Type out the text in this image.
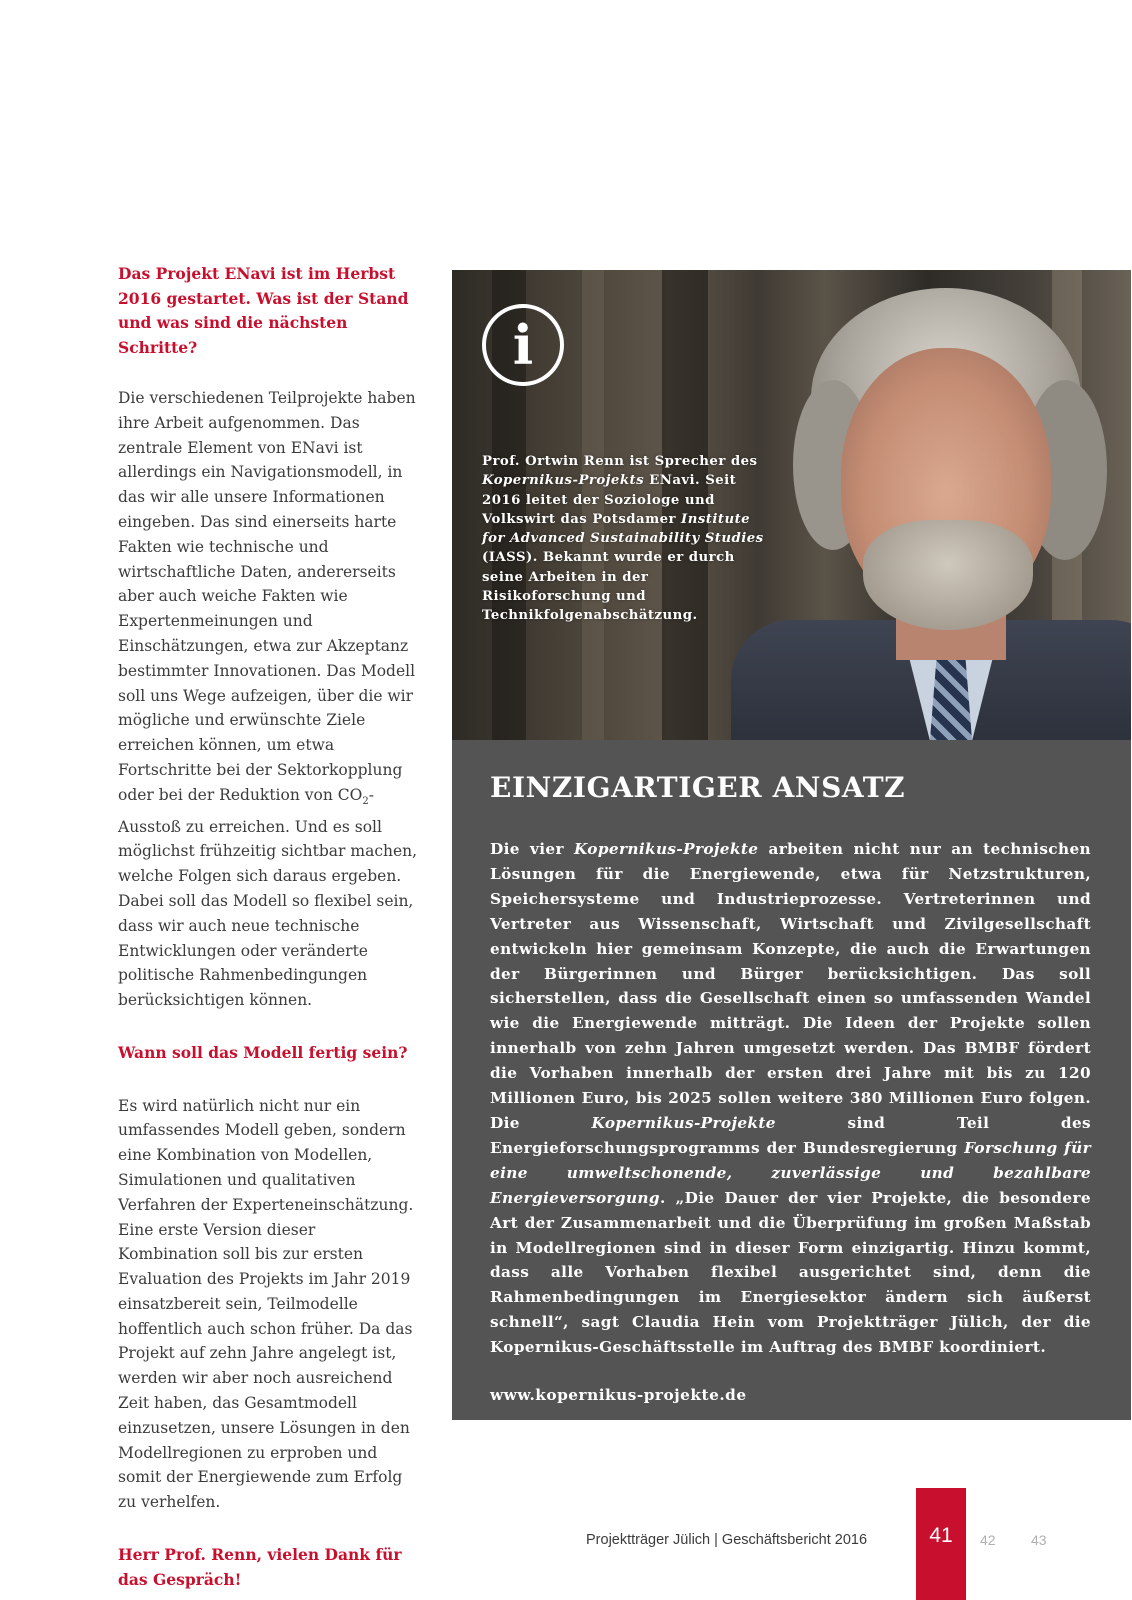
Das Projekt ENavi ist im Herbst 2016 gestartet. Was ist der Stand und was sind die nächsten Schritte?

Die verschiedenen Teilprojekte haben ihre Arbeit aufgenommen. Das zentrale Element von ENavi ist allerdings ein Navigationsmodell, in das wir alle unsere Informationen eingeben. Das sind einerseits harte Fakten wie technische und wirtschaftliche Daten, andererseits aber auch weiche Fakten wie Expertenmeinungen und Einschätzungen, etwa zur Akzeptanz bestimmter Innovationen. Das Modell soll uns Wege aufzeigen, über die wir mögliche und erwünschte Ziele erreichen können, um etwa Fortschritte bei der Sektorkopplung oder bei der Reduktion von $CO_2$-Ausstoß zu erreichen. Und es soll möglichst frühzeitig sichtbar machen, welche Folgen sich daraus ergeben. Dabei soll das Modell so flexibel sein, dass wir auch neue technische Entwicklungen oder veränderte politische Rahmenbedingungen berücksichtigen können.

Wann soll das Modell fertig sein?

Es wird natürlich nicht nur ein umfassendes Modell geben, sondern eine Kombination von Modellen, Simulationen und qualitativen Verfahren der Experteneinschätzung. Eine erste Version dieser Kombination soll bis zur ersten Evaluation des Projekts im Jahr 2019 einsatzbereit sein, Teilmodelle hoffentlich auch schon früher. Da das Projekt auf zehn Jahre angelegt ist, werden wir aber noch ausreichend Zeit haben, das Gesamtmodell einzusetzen, unsere Lösungen in den Modellregionen zu erproben und somit der Energiewende zum Erfolg zu verhelfen.

Herr Prof. Renn, vielen Dank für das Gespräch!

i

Prof. Ortwin Renn ist Sprecher des Kopernikus-Projekts ENavi. Seit 2016 leitet der Soziologe und Volkswirt das Potsdamer Institute for Advanced Sustainability Studies (IASS). Bekannt wurde er durch seine Arbeiten in der Risikoforschung und Technikfolgenabschätzung.

EINZIGARTIGER ANSATZ

Die vier Kopernikus-Projekte arbeiten nicht nur an technischen Lösungen für die Energiewende, etwa für Netzstrukturen, Speichersysteme und Industrieprozesse. Vertreterinnen und Vertreter aus Wissenschaft, Wirtschaft und Zivilgesellschaft entwickeln hier gemeinsam Konzepte, die auch die Erwartungen der Bürgerinnen und Bürger berücksichtigen. Das soll sicherstellen, dass die Gesellschaft einen so umfassenden Wandel wie die Energiewende mitträgt. Die Ideen der Projekte sollen innerhalb von zehn Jahren umgesetzt werden. Das BMBF fördert die Vorhaben innerhalb der ersten drei Jahre mit bis zu 120 Millionen Euro, bis 2025 sollen weitere 380 Millionen Euro folgen. Die Kopernikus-Projekte sind Teil des Energieforschungsprogramms der Bundesregierung Forschung für eine umweltschonende, zuverlässige und bezahlbare Energieversorgung. „Die Dauer der vier Projekte, die besondere Art der Zusammenarbeit und die Überprüfung im großen Maßstab in Modellregionen sind in dieser Form einzigartig. Hinzu kommt, dass alle Vorhaben flexibel ausgerichtet sind, denn die Rahmenbedingungen im Energiesektor ändern sich äußerst schnell“, sagt Claudia Hein vom Projektträger Jülich, der die Kopernikus-Geschäftsstelle im Auftrag des BMBF koordiniert.

www.kopernikus-projekte.de

Projektträger Jülich | Geschäftsbericht 2016	41	42	43
